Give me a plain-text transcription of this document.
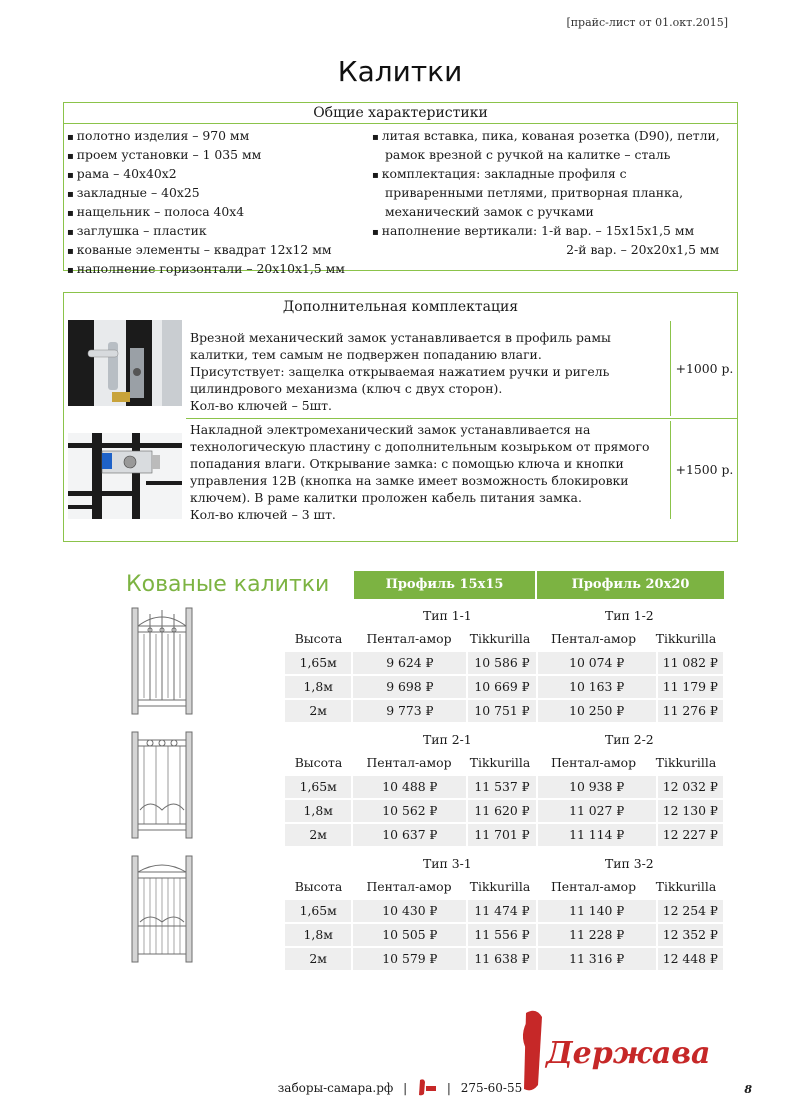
[прайс-лист от 01.окт.2015]
Калитки
Общие характеристики
▪ полотно изделия – 970 мм
▪ проем установки – 1 035 мм
▪ рама – 40х40х2
▪ закладные – 40х25
▪ нащельник – полоса 40х4
▪ заглушка – пластик
▪ кованые элементы – квадрат 12х12 мм
▪ наполнение горизонтали – 20х10х1,5 мм
▪ литая вставка, пика, кованая розетка (D90), петли,
рамок врезной с ручкой на калитке – сталь
▪ комплектация: закладные профиля с
приваренными петлями, притворная планка,
механический замок с ручками
▪ наполнение вертикали: 1-й вар. – 15х15х1,5 мм
2-й вар. – 20х20х1,5 мм
Дополнительная комплектация
Врезной механический замок устанавливается в профиль рамы
калитки, тем самым не подвержен попаданию влаги.
Присутствует: защелка открываемая нажатием ручки и ригель
цилиндрового механизма (ключ с двух сторон).
Кол-во ключей – 5шт.
+1000 р.
Накладной электромеханический замок устанавливается на
технологическую пластину с дополнительным козырьком от прямого
попадания влаги. Открывание замка: с помощью ключа и кнопки
управления 12В (кнопка на замке имеет возможность блокировки
ключем). В раме калитки проложен кабель питания замка.
Кол-во ключей – 3 шт.
+1500 р.
Кованые калитки	Профиль 15х15	Профиль 20х20
Тип 1-1	Тип 1-2
Высота	Пентал-амор	Tikkurilla	Пентал-амор	Tikkurilla
1,65м	9 624 ₽	10 586 ₽	10 074 ₽	11 082 ₽
1,8м	9 698 ₽	10 669 ₽	10 163 ₽	11 179 ₽
2м	9 773 ₽	10 751 ₽	10 250 ₽	11 276 ₽
Тип 2-1	Тип 2-2
Высота	Пентал-амор	Tikkurilla	Пентал-амор	Tikkurilla
1,65м	10 488 ₽	11 537 ₽	10 938 ₽	12 032 ₽
1,8м	10 562 ₽	11 620 ₽	11 027 ₽	12 130 ₽
2м	10 637 ₽	11 701 ₽	11 114 ₽	12 227 ₽
Тип 3-1	Тип 3-2
Высота	Пентал-амор	Tikkurilla	Пентал-амор	Tikkurilla
1,65м	10 430 ₽	11 474 ₽	11 140 ₽	12 254 ₽
1,8м	10 505 ₽	11 556 ₽	11 228 ₽	12 352 ₽
2м	10 579 ₽	11 638 ₽	11 316 ₽	12 448 ₽
Держава
заборы-самара.рф |	| 275-60-55	8
